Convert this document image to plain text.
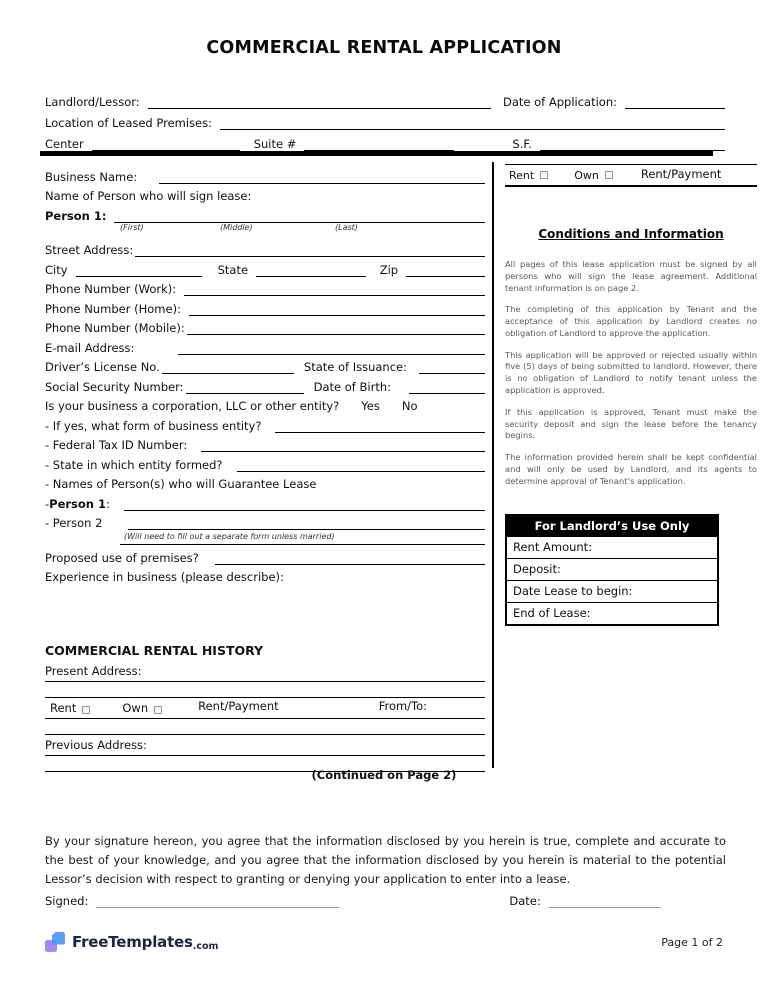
COMMERCIAL RENTAL APPLICATION
Landlord/Lessor:	Date of Application:
Location of Leased Premises:
Center	Suite #	S.F.
Business Name:
Name of Person who will sign lease:
Person 1:
(First)	(Middle)	(Last)
Street Address:
City	State	Zip
Phone Number (Work):
Phone Number (Home):
Phone Number (Mobile):
E-mail Address:
Driver’s License No.	State of Issuance:
Social Security Number:	Date of Birth:
Is your business a corporation, LLC or other entity? Yes No
- If yes, what form of business entity?
- Federal Tax ID Number:
- State in which entity formed?
- Names of Person(s) who will Guarantee Lease
- Person 1 :
- Person 2
(Will need to fill out a separate form unless married)
Proposed use of premises?
Experience in business (please describe):
COMMERCIAL RENTAL HISTORY
Present Address:
Rent	Own	Rent/Payment	From/To:
Previous Address:
(Continued on Page 2)
Rent	Own	Rent/Payment
Conditions and Information

All pages of this lease application must be signed by all persons who will sign the lease agreement. Additional tenant information is on page 2.

The completing of this application by Tenant and the acceptance of this application by Landlord creates no obligation of Landlord to approve the application.

This application will be approved or rejected usually within five (5) days of being submitted to landlord. However, there is no obligation of Landlord to notify tenant unless the application is approved.

If this application is approved, Tenant must make the security deposit and sign the lease before the tenancy begins.

The information provided herein shall be kept confidential and will only be used by Landlord, and its agents to determine approval of Tenant’s application.

For Landlord’s Use Only
Rent Amount:
Deposit:
Date Lease to begin:
End of Lease:
By your signature hereon, you agree that the information disclosed by you herein is true, complete and accurate to the best of your knowledge, and you agree that the information disclosed by you herein is material to the potential Lessor’s decision with respect to granting or denying your application to enter into a lease.
Signed:	Date:
FreeTemplates .com	Page 1 of 2
